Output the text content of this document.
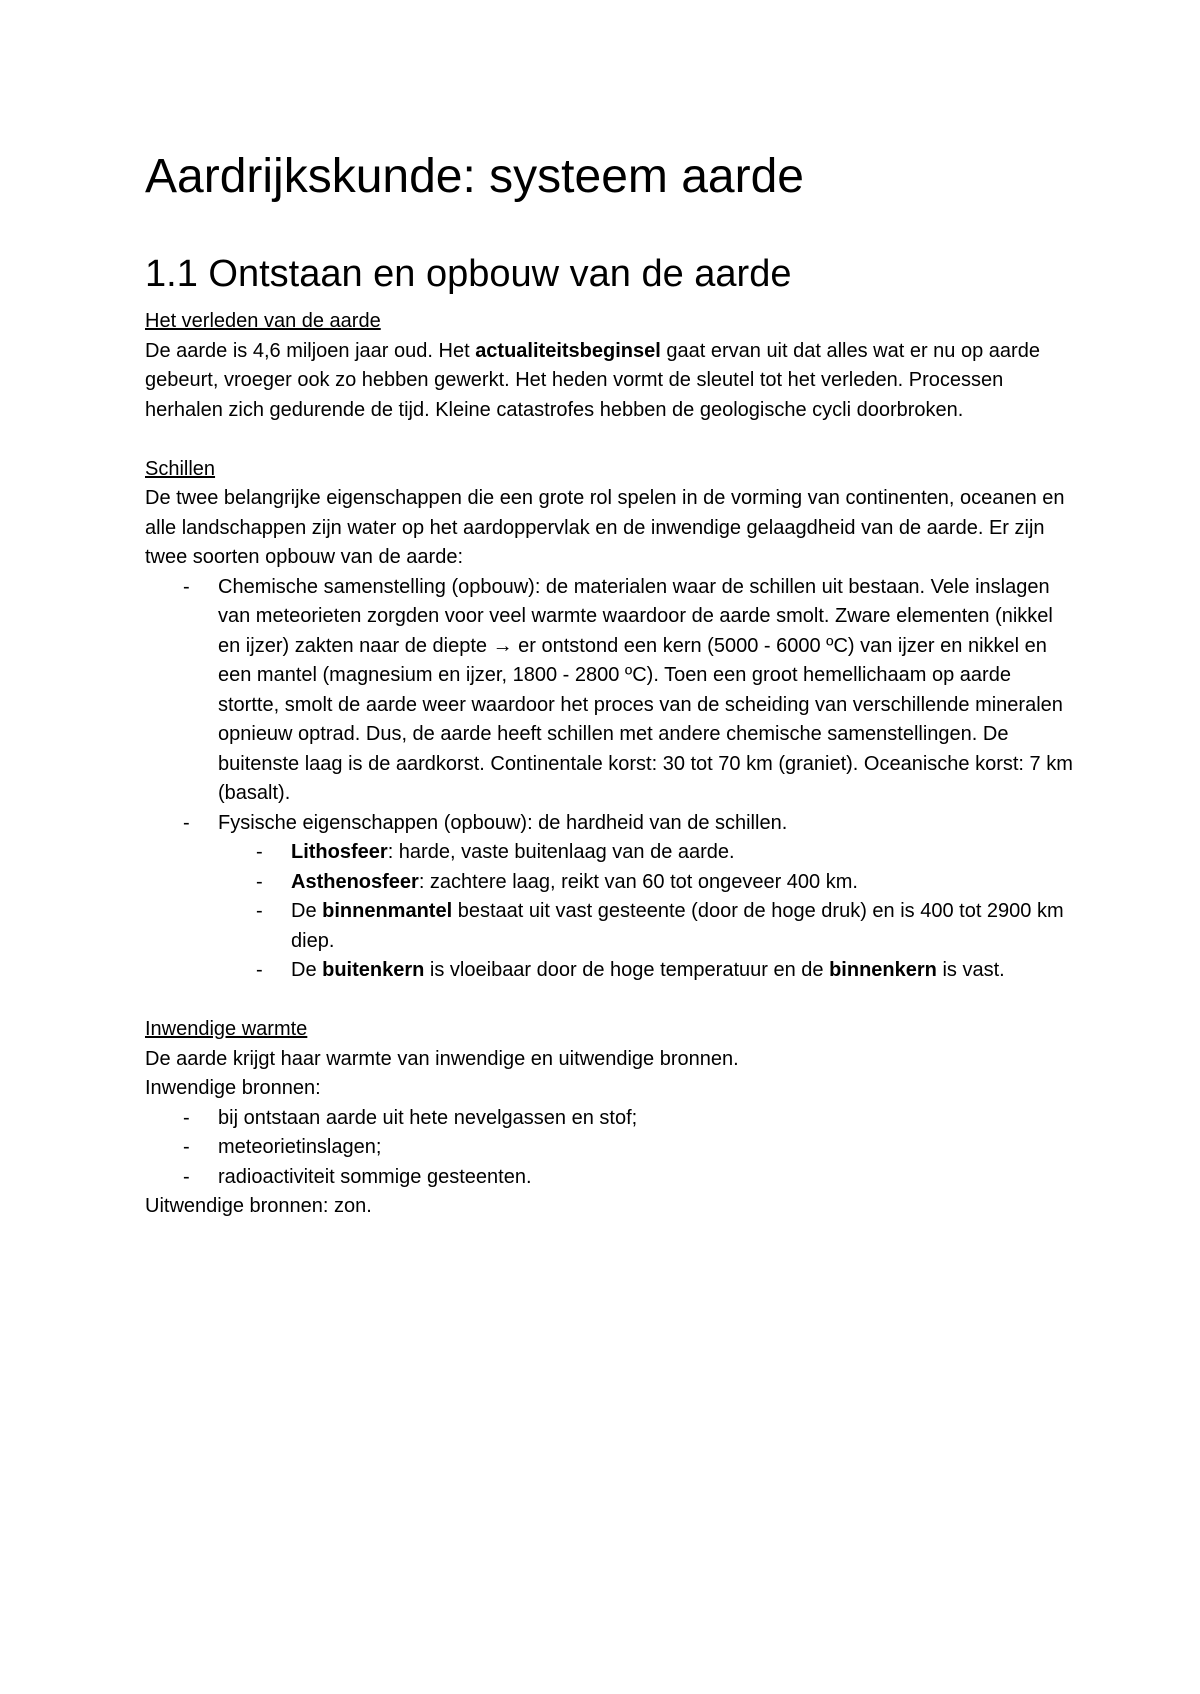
Aardrijkskunde: systeem aarde
1.1 Ontstaan en opbouw van de aarde
Het verleden van de aarde

De aarde is 4,6 miljoen jaar oud. Het actualiteitsbeginsel gaat ervan uit dat alles wat er nu op aarde gebeurt, vroeger ook zo hebben gewerkt. Het heden vormt de sleutel tot het verleden. Processen herhalen zich gedurende de tijd. Kleine catastrofes hebben de geologische cycli doorbroken.

Schillen

De twee belangrijke eigenschappen die een grote rol spelen in de vorming van continenten, oceanen en alle landschappen zijn water op het aardoppervlak en de inwendige gelaagdheid van de aarde. Er zijn twee soorten opbouw van de aarde:

- Chemische samenstelling (opbouw): de materialen waar de schillen uit bestaan. Vele inslagen van meteorieten zorgden voor veel warmte waardoor de aarde smolt. Zware elementen (nikkel en ijzer) zakten naar de diepte → er ontstond een kern (5000 - 6000 ºC) van ijzer en nikkel en een mantel (magnesium en ijzer, 1800 - 2800 ºC). Toen een groot hemellichaam op aarde stortte, smolt de aarde weer waardoor het proces van de scheiding van verschillende mineralen opnieuw optrad. Dus, de aarde heeft schillen met andere chemische samenstellingen. De buitenste laag is de aardkorst. Continentale korst: 30 tot 70 km (graniet). Oceanische korst: 7 km (basalt).
- Fysische eigenschappen (opbouw): de hardheid van de schillen.
- Lithosfeer: harde, vaste buitenlaag van de aarde.
- Asthenosfeer: zachtere laag, reikt van 60 tot ongeveer 400 km.
- De binnenmantel bestaat uit vast gesteente (door de hoge druk) en is 400 tot 2900 km diep.
- De buitenkern is vloeibaar door de hoge temperatuur en de binnenkern is vast.
Inwendige warmte

De aarde krijgt haar warmte van inwendige en uitwendige bronnen.

Inwendige bronnen:

- bij ontstaan aarde uit hete nevelgassen en stof;
- meteorietinslagen;
- radioactiviteit sommige gesteenten.

Uitwendige bronnen: zon.
